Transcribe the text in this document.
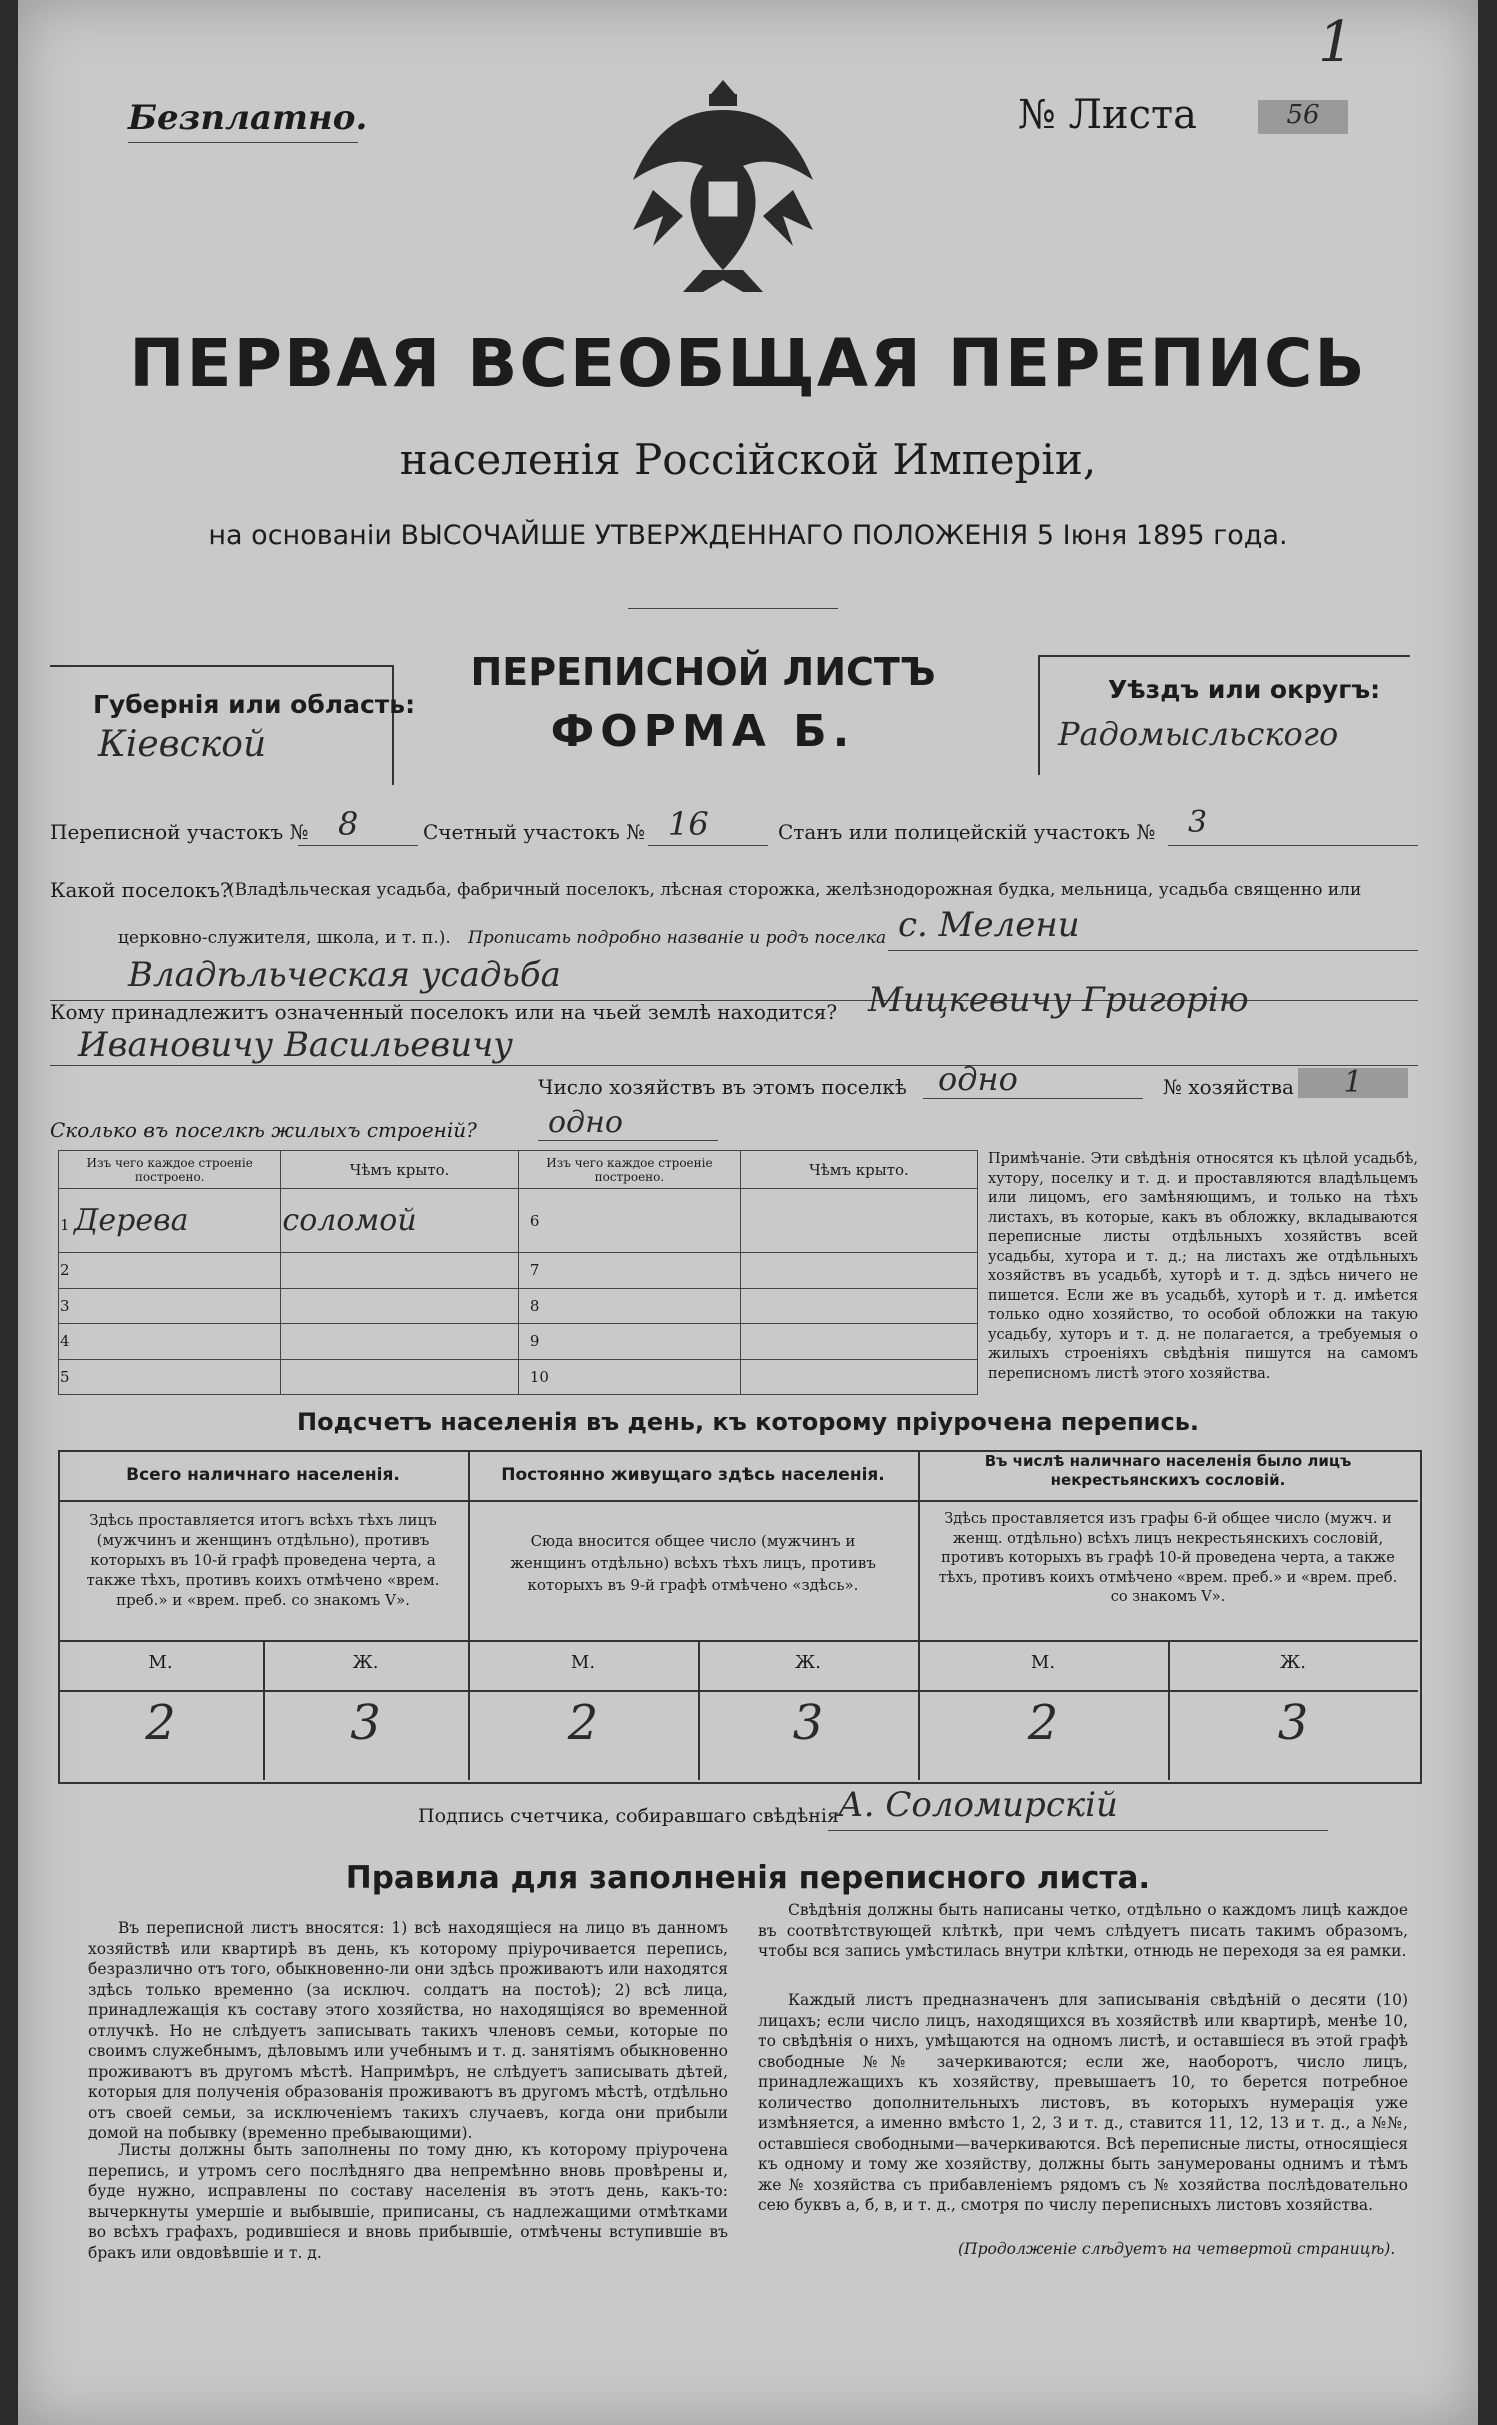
1
Безплатно.	№ Листа	56
ПЕРВАЯ ВСЕОБЩАЯ ПЕРЕПИСЬ
населенія Россійской Имперіи,
на основаніи ВЫСОЧАЙШЕ УТВЕРЖДЕННАГО ПОЛОЖЕНІЯ 5 Іюня 1895 года.
Губернія или область:
Кіевской
ПЕРЕПИСНОЙ ЛИСТЪ
ФОРМА Б.
Уѣздъ или округъ:
Радомысльского
Переписной участокъ № 8	Счетный участокъ № 16	Станъ или полицейскій участокъ № 3
Какой поселокъ?
(Владѣльческая усадьба, фабричный поселокъ, лѣсная сторожка, желѣзнодорожная будка, мельница, усадьба священно или
церковно-служителя, школа, и т. п.). Прописать подробно названіе и родъ поселка с. Мелени
Владѣльческая усадьба
Кому принадлежитъ означенный поселокъ или на чьей землѣ находится? Мицкевичу Григорію
Ивановичу Васильевичу
Число хозяйствъ въ этомъ поселкѣ одно	№ хозяйства	1
Сколько въ поселкѣ жилыхъ строеній? одно
Изъ чего каждое строеніе построено.	Чѣмъ крыто.	Изъ чего каждое строеніе построено.	Чѣмъ крыто.
1 Дерева	соломой	6	
2		7	
3		8	
4		9	
5		10	
Примѣчаніе. Эти свѣдѣнія относятся къ цѣлой усадьбѣ, хутору, поселку и т. д. и проставляются владѣльцемъ или лицомъ, его замѣняющимъ, и только на тѣхъ листахъ, въ которые, какъ въ обложку, вкладываются переписные листы отдѣльныхъ хозяйствъ всей усадьбы, хутора и т. д.; на листахъ же отдѣльныхъ хозяйствъ въ усадьбѣ, хуторѣ и т. д. здѣсь ничего не пишется. Если же въ усадьбѣ, хуторѣ и т. д. имѣется только одно хозяйство, то особой обложки на такую усадьбу, хуторъ и т. д. не полагается, а требуемыя о жилыхъ строеніяхъ свѣдѣнія пишутся на самомъ переписномъ листѣ этого хозяйства.
Подсчетъ населенія въ день, къ которому пріурочена перепись.
Всего наличнаго населенія.
Здѣсь проставляется итогъ всѣхъ тѣхъ лицъ (мужчинъ и женщинъ отдѣльно), противъ которыхъ въ 10-й графѣ проведена черта, а также тѣхъ, противъ коихъ отмѣчено «врем. преб.» и «врем. преб. со знакомъ V».
Постоянно живущаго здѣсь населенія.
Сюда вносится общее число (мужчинъ и женщинъ отдѣльно) всѣхъ тѣхъ лицъ, противъ которыхъ въ 9-й графѣ отмѣчено «здѣсь».
Въ числѣ наличнаго населенія было лицъ некрестьянскихъ сословій.
Здѣсь проставляется изъ графы 6-й общее число (мужч. и женщ. отдѣльно) всѣхъ лицъ некрестьянскихъ сословій, противъ которыхъ въ графѣ 10-й проведена черта, а также тѣхъ, противъ коихъ отмѣчено «врем. преб.» и «врем. преб. со знакомъ V».
М.	Ж.	М.	Ж.	М.	Ж.
2	3	2	3	2	3
Подпись счетчика, собиравшаго свѣдѣнія А. Соломирскій
Правила для заполненія переписного листа.
Въ переписной листъ вносятся: 1) всѣ находящіеся на лицо въ данномъ хозяйствѣ или квартирѣ въ день, къ которому пріурочивается перепись, безразлично отъ того, обыкновенно-ли они здѣсь проживаютъ или находятся здѣсь только временно (за исключ. солдатъ на постоѣ); 2) всѣ лица, принадлежащія къ составу этого хозяйства, но находящіяся во временной отлучкѣ. Но не слѣдуетъ записывать такихъ членовъ семьи, которые по своимъ служебнымъ, дѣловымъ или учебнымъ и т. д. занятіямъ обыкновенно проживаютъ въ другомъ мѣстѣ. Напримѣръ, не слѣдуетъ записывать дѣтей, которыя для полученія образованія проживаютъ въ другомъ мѣстѣ, отдѣльно отъ своей семьи, за исключеніемъ такихъ случаевъ, когда они прибыли домой на побывку (временно пребывающими).
Листы должны быть заполнены по тому дню, къ которому пріурочена перепись, и утромъ сего послѣдняго два непремѣнно вновь провѣрены и, буде нужно, исправлены по составу населенія въ этотъ день, какъ-то: вычеркнуты умершіе и выбывшіе, приписаны, съ надлежащими отмѣтками во всѣхъ графахъ, родившіеся и вновь прибывшіе, отмѣчены вступившіе въ бракъ или овдовѣвшіе и т. д.
Свѣдѣнія должны быть написаны четко, отдѣльно о каждомъ лицѣ каждое въ соотвѣтствующей клѣткѣ, при чемъ слѣдуетъ писать такимъ образомъ, чтобы вся запись умѣстилась внутри клѣтки, отнюдь не переходя за ея рамки.
Каждый листъ предназначенъ для записыванія свѣдѣній о десяти (10) лицахъ; если число лицъ, находящихся въ хозяйствѣ или квартирѣ, менѣе 10, то свѣдѣнія о нихъ, умѣщаются на одномъ листѣ, и оставшіеся въ этой графѣ свободные №№ зачеркиваются; если же, наоборотъ, число лицъ, принадлежащихъ къ хозяйству, превышаетъ 10, то берется потребное количество дополнительныхъ листовъ, въ которыхъ нумерація уже измѣняется, а именно вмѣсто 1, 2, 3 и т. д., ставится 11, 12, 13 и т. д., а №№, оставшіеся свободными—вачеркиваются. Всѣ переписные листы, относящіеся къ одному и тому же хозяйству, должны быть занумерованы однимъ и тѣмъ же № хозяйства съ прибавленіемъ рядомъ съ № хозяйства послѣдовательно сею буквъ а, б, в, и т. д., смотря по числу переписныхъ листовъ хозяйства.
(Продолженіе слѣдуетъ на четвертой страницѣ).
